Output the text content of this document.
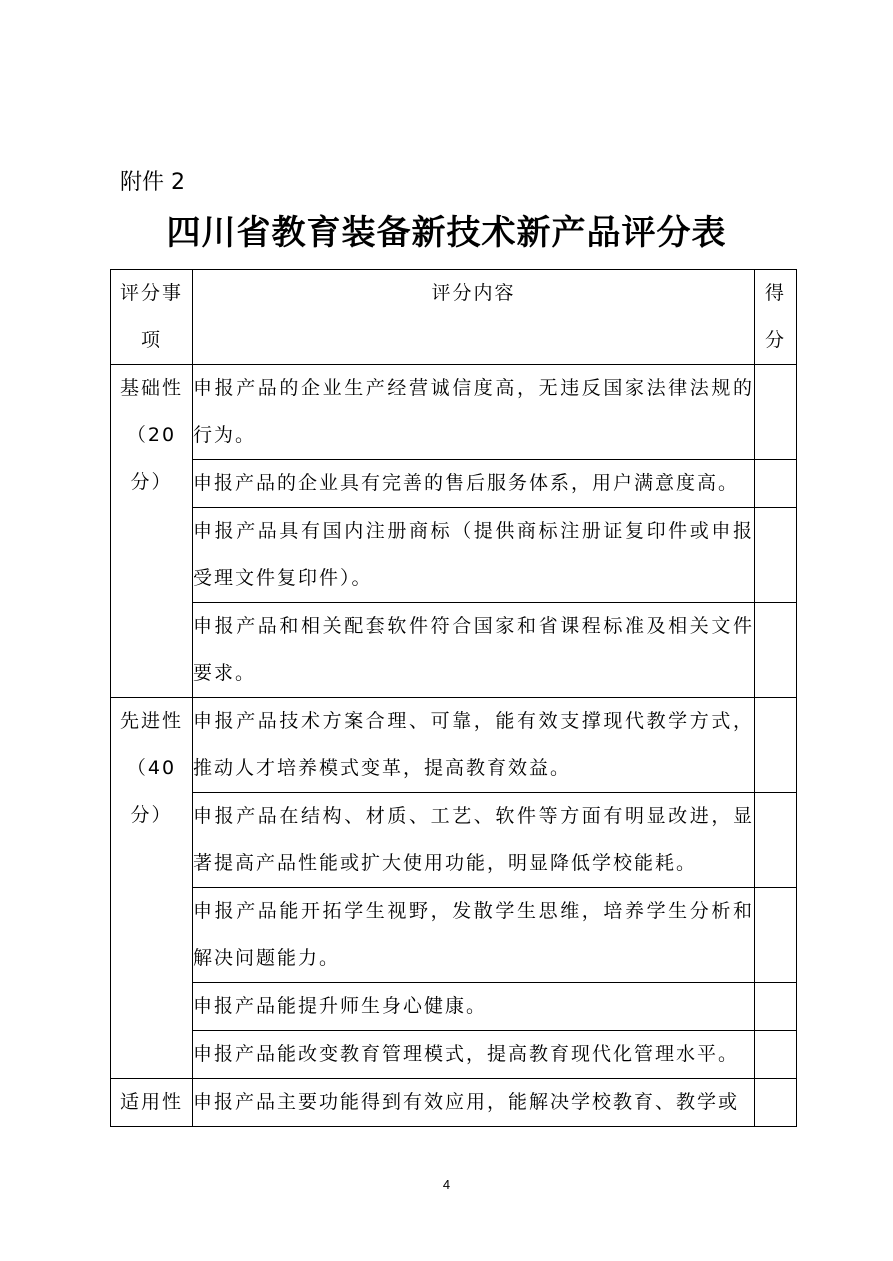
附件 2
四川省教育装备新技术新产品评分表
评分事项	评分内容	得分

基础性
（20分）	申报产品的企业生产经营诚信度高，无违反国家法律法规的行为。	
	申报产品的企业具有完善的售后服务体系，用户满意度高。	
	申报产品具有国内注册商标（提供商标注册证复印件或申报受理文件复印件）。	
	申报产品和相关配套软件符合国家和省课程标准及相关文件要求。	

先进性
（40分）	申报产品技术方案合理、可靠，能有效支撑现代教学方式，推动人才培养模式变革，提高教育效益。	
	申报产品在结构、材质、工艺、软件等方面有明显改进，显著提高产品性能或扩大使用功能，明显降低学校能耗。	
	申报产品能开拓学生视野，发散学生思维，培养学生分析和解决问题能力。	
	申报产品能提升师生身心健康。	
	申报产品能改变教育管理模式，提高教育现代化管理水平。	

适用性	申报产品主要功能得到有效应用，能解决学校教育、教学或	
4
